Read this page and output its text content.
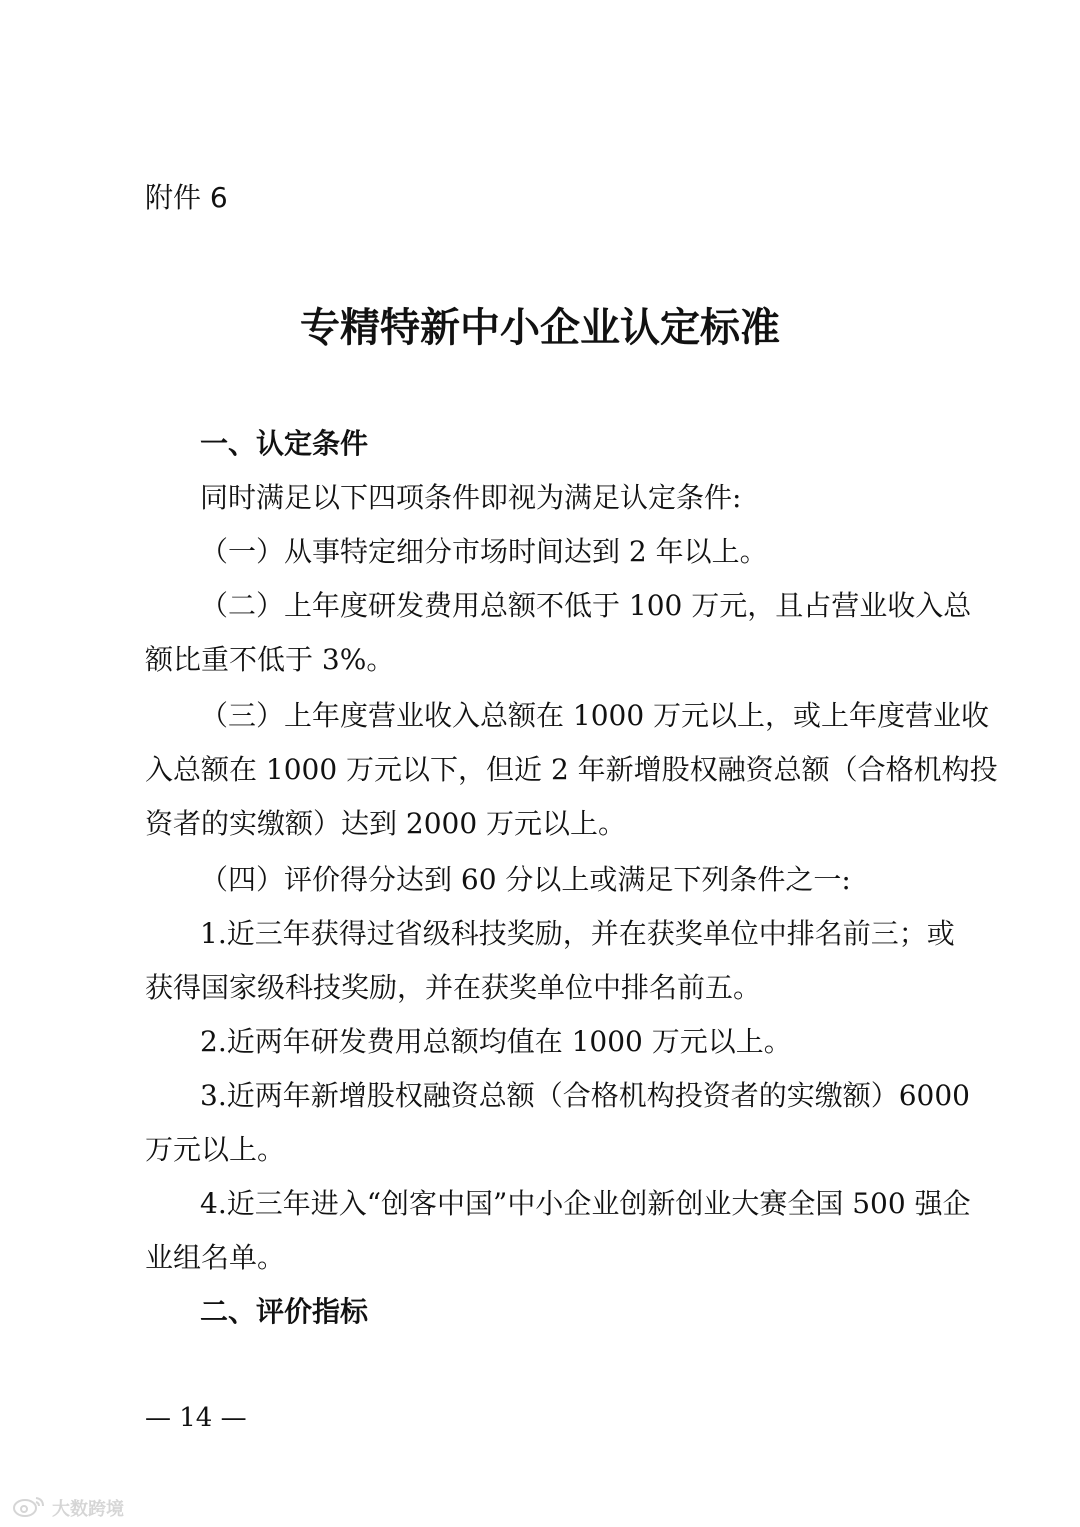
附件 6
专精特新中小企业认定标准
一、认定条件
同时满足以下四项条件即视为满足认定条件:
（一）从事特定细分市场时间达到 2 年以上。
（二）上年度研发费用总额不低于 100 万元，且占营业收入总
额比重不低于 3%。
（三）上年度营业收入总额在 1000 万元以上，或上年度营业收
入总额在 1000 万元以下，但近 2 年新增股权融资总额（合格机构投
资者的实缴额）达到 2000 万元以上。
（四）评价得分达到 60 分以上或满足下列条件之一:
1.近三年获得过省级科技奖励，并在获奖单位中排名前三；或
获得国家级科技奖励，并在获奖单位中排名前五。
2.近两年研发费用总额均值在 1000 万元以上。
3.近两年新增股权融资总额（合格机构投资者的实缴额）6000
万元以上。
4.近三年进入“创客中国”中小企业创新创业大赛全国 500 强企
业组名单。
二、评价指标
— 14 —
大数跨境
